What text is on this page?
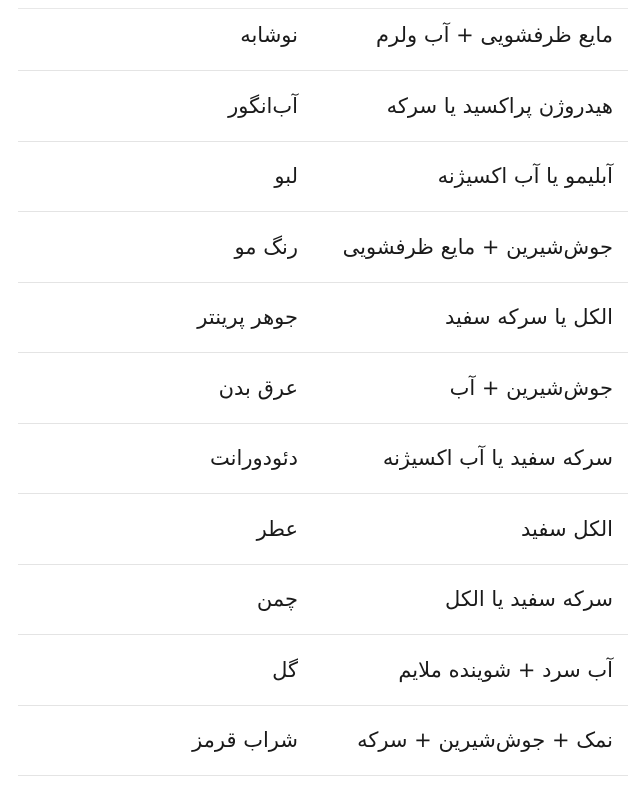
مایع ظرفشویی + آب ولرم
نوشابه
هیدروژن پراکسید یا سرکه
آب‌انگور
آبلیمو یا آب اکسیژنه
لبو
جوش‌شیرین + مایع ظرفشویی
رنگ مو
الکل یا سرکه سفید
جوهر پرینتر
جوش‌شیرین + آب
عرق بدن
سرکه سفید یا آب اکسیژنه
دئودورانت
الکل سفید
عطر
سرکه سفید یا الکل
چمن
آب سرد + شوینده ملایم
گل
نمک + جوش‌شیرین + سرکه
شراب قرمز
